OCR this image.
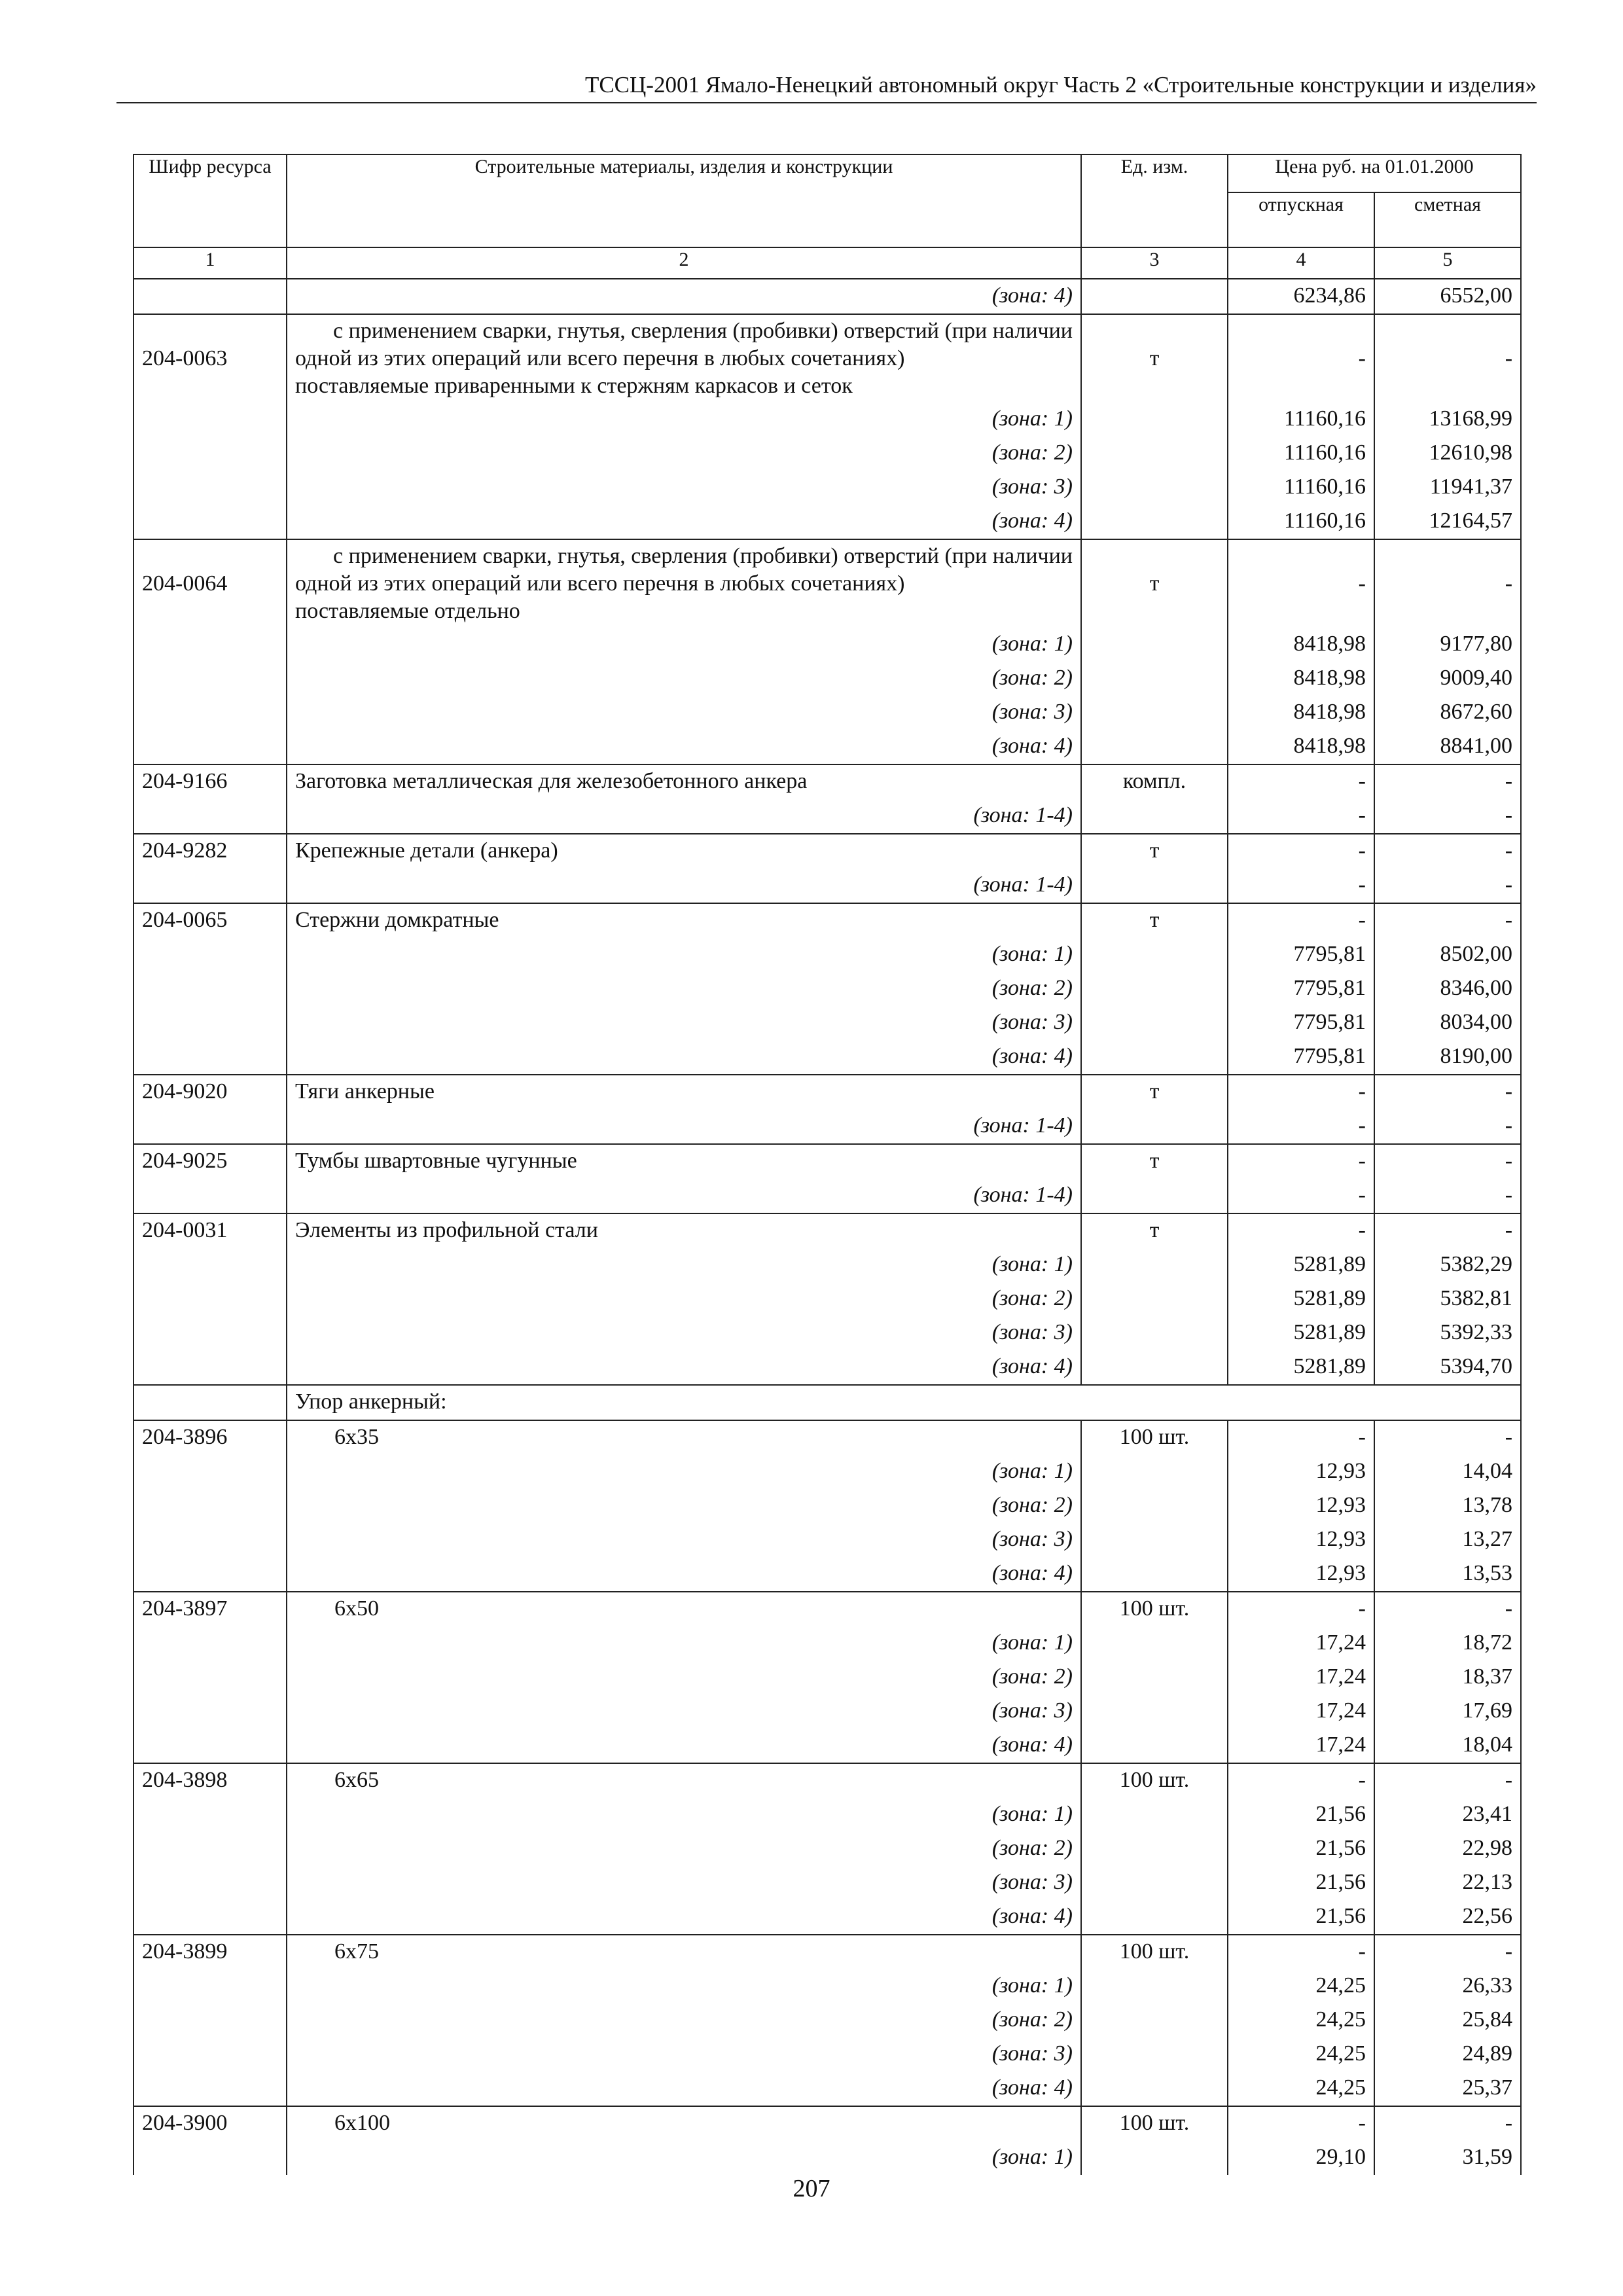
ТССЦ-2001 Ямало-Ненецкий автономный округ Часть 2 «Строительные конструкции и изделия»
Шифр ресурса	Строительные материалы, изделия и конструкции	Ед. изм.	Цена руб. на 01.01.2000	
			отпускная	сметная
1	2	3	4	5
	(зона: 4)		6234,86	6552,00
204-0063	с применением сварки, гнутья, сверления (пробивки) отверстий (при наличии одной из этих операций или всего перечня в любых сочетаниях)
поставляемые приваренными к стержням каркасов и сеток	т	-	-
	(зона: 1)		11160,16	13168,99
	(зона: 2)		11160,16	12610,98
	(зона: 3)		11160,16	11941,37
	(зона: 4)		11160,16	12164,57
204-0064	с применением сварки, гнутья, сверления (пробивки) отверстий (при наличии одной из этих операций или всего перечня в любых сочетаниях)
поставляемые отдельно	т	-	-
	(зона: 1)		8418,98	9177,80
	(зона: 2)		8418,98	9009,40
	(зона: 3)		8418,98	8672,60
	(зона: 4)		8418,98	8841,00
204-9166	Заготовка металлическая для железобетонного анкера	компл.	-	-
	(зона: 1-4)		-	-
204-9282	Крепежные детали (анкера)	т	-	-
	(зона: 1-4)		-	-
204-0065	Стержни домкратные	т	-	-
	(зона: 1)		7795,81	8502,00
	(зона: 2)		7795,81	8346,00
	(зона: 3)		7795,81	8034,00
	(зона: 4)		7795,81	8190,00
204-9020	Тяги анкерные	т	-	-
	(зона: 1-4)		-	-
204-9025	Тумбы швартовные чугунные	т	-	-
	(зона: 1-4)		-	-
204-0031	Элементы из профильной стали	т	-	-
	(зона: 1)		5281,89	5382,29
	(зона: 2)		5281,89	5382,81
	(зона: 3)		5281,89	5392,33
	(зона: 4)		5281,89	5394,70
	Упор анкерный:			
204-3896	6х35	100 шт.	-	-
	(зона: 1)		12,93	14,04
	(зона: 2)		12,93	13,78
	(зона: 3)		12,93	13,27
	(зона: 4)		12,93	13,53
204-3897	6х50	100 шт.	-	-
	(зона: 1)		17,24	18,72
	(зона: 2)		17,24	18,37
	(зона: 3)		17,24	17,69
	(зона: 4)		17,24	18,04
204-3898	6х65	100 шт.	-	-
	(зона: 1)		21,56	23,41
	(зона: 2)		21,56	22,98
	(зона: 3)		21,56	22,13
	(зона: 4)		21,56	22,56
204-3899	6х75	100 шт.	-	-
	(зона: 1)		24,25	26,33
	(зона: 2)		24,25	25,84
	(зона: 3)		24,25	24,89
	(зона: 4)		24,25	25,37
204-3900	6х100	100 шт.	-	-
	(зона: 1)		29,10	31,59
207
